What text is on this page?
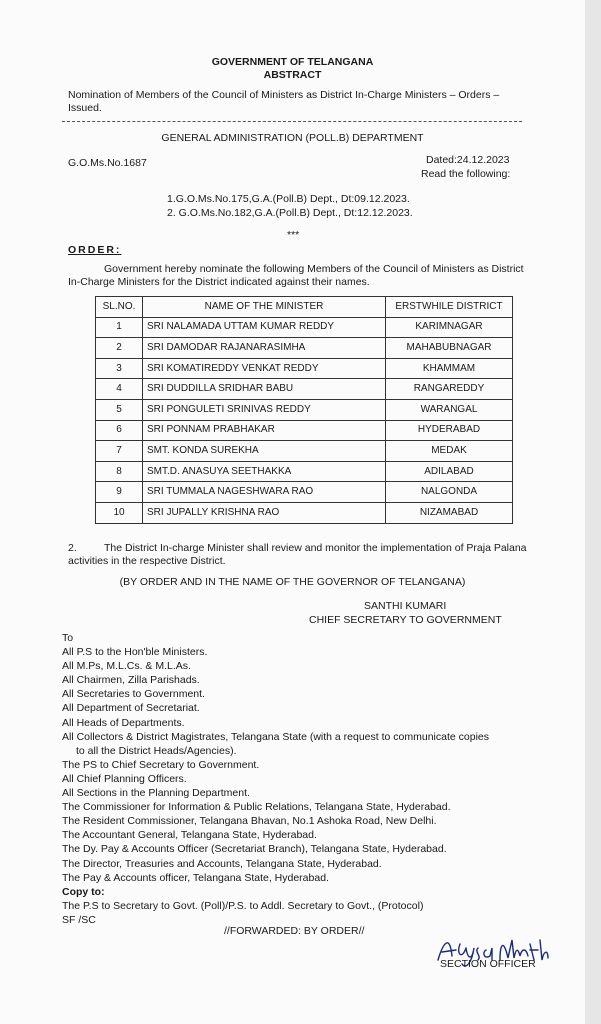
GOVERNMENT OF TELANGANA
ABSTRACT
Nomination of Members of the Council of Ministers as District In-Charge Ministers – Orders – Issued.
GENERAL ADMINISTRATION (POLL.B) DEPARTMENT
G.O.Ms.No.1687	Dated:24.12.2023
Read the following:
1.G.O.Ms.No.175,G.A.(Poll.B) Dept., Dt:09.12.2023.
2. G.O.Ms.No.182,G.A.(Poll.B) Dept., Dt:12.12.2023.
***
ORDER:
Government hereby nominate the following Members of the Council of Ministers as District In-Charge Ministers for the District indicated against their names.
SL.NO.	NAME OF THE MINISTER	ERSTWHILE DISTRICT
1	SRI NALAMADA UTTAM KUMAR REDDY	KARIMNAGAR
2	SRI DAMODAR RAJANARASIMHA	MAHABUBNAGAR
3	SRI KOMATIREDDY VENKAT REDDY	KHAMMAM
4	SRI DUDDILLA SRIDHAR BABU	RANGAREDDY
5	SRI PONGULETI SRINIVAS REDDY	WARANGAL
6	SRI PONNAM PRABHAKAR	HYDERABAD
7	SMT. KONDA SUREKHA	MEDAK
8	SMT.D. ANASUYA SEETHAKKA	ADILABAD
9	SRI TUMMALA NAGESHWARA RAO	NALGONDA
10	SRI JUPALLY KRISHNA RAO	NIZAMABAD
2.	The District In-charge Minister shall review and monitor the implementation of Praja Palana activities in the respective District.
(BY ORDER AND IN THE NAME OF THE GOVERNOR OF TELANGANA)
SANTHI KUMARI
CHIEF SECRETARY TO GOVERNMENT

To

All P.S to the Hon'ble Ministers.

All M.Ps, M.L.Cs. & M.L.As.

All Chairmen, Zilla Parishads.

All Secretaries to Government.

All Department of Secretariat.

All Heads of Departments.

All Collectors & District Magistrates, Telangana State (with a request to communicate copies

to all the District Heads/Agencies).

The PS to Chief Secretary to Government.

All Chief Planning Officers.

All Sections in the Planning Department.

The Commissioner for Information & Public Relations, Telangana State, Hyderabad.

The Resident Commissioner, Telangana Bhavan, No.1 Ashoka Road, New Delhi.

The Accountant General, Telangana State, Hyderabad.

The Dy. Pay & Accounts Officer (Secretariat Branch), Telangana State, Hyderabad.

The Director, Treasuries and Accounts, Telangana State, Hyderabad.

The Pay & Accounts officer, Telangana State, Hyderabad.

Copy to:

The P.S to Secretary to Govt. (Poll)/P.S. to Addl. Secretary to Govt., (Protocol)

SF /SC

//FORWARDED: BY ORDER//
SECTION OFFICER
